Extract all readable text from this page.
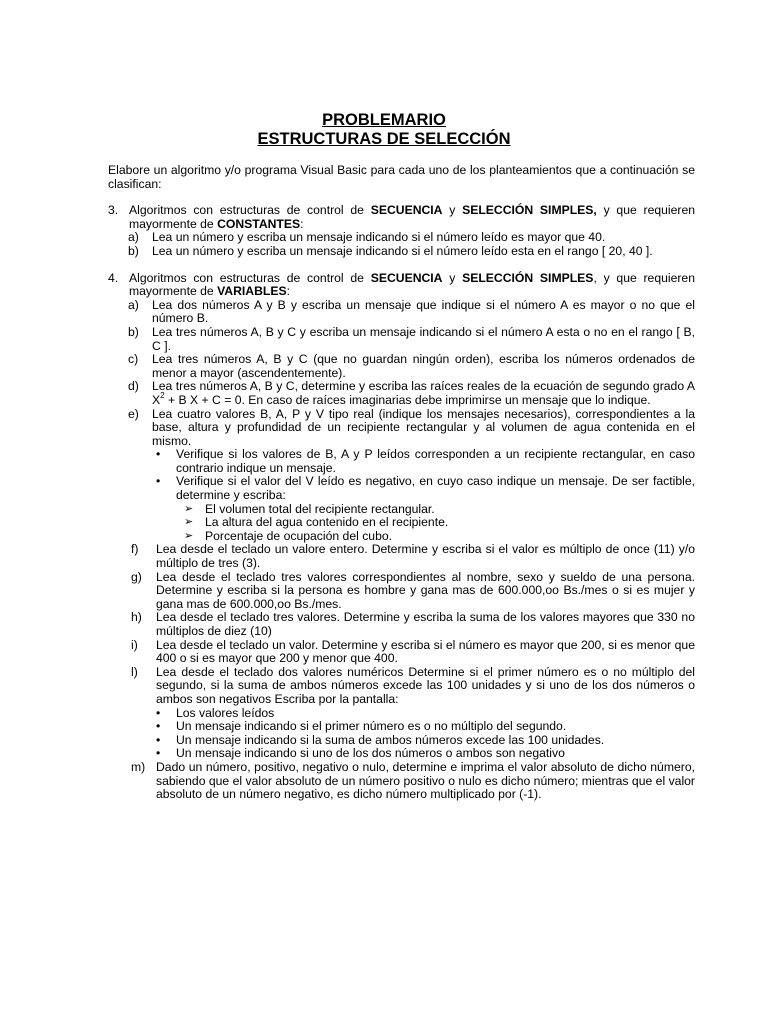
PROBLEMARIO
ESTRUCTURAS DE SELECCIÓN

Elabore un algoritmo y/o programa Visual Basic para cada uno de los planteamientos que a continuación se clasifican:

3. Algoritmos con estructuras de control de SECUENCIA y SELECCIÓN SIMPLES, y que requieren mayormente de CONSTANTES:
a) Lea un número y escriba un mensaje indicando si el número leído es mayor que 40.
b) Lea un número y escriba un mensaje indicando si el número leído esta en el rango [ 20, 40 ].
4. Algoritmos con estructuras de control de SECUENCIA y SELECCIÓN SIMPLES, y que requieren mayormente de VARIABLES:
a) Lea dos números A y B y escriba un mensaje que indique si el número A es mayor o no que el número B.
b) Lea tres números A, B y C y escriba un mensaje indicando si el número A esta o no en el rango [ B, C ].
c) Lea tres números A, B y C (que no guardan ningún orden), escriba los números ordenados de menor a mayor (ascendentemente).
d) Lea tres números A, B y C, determine y escriba las raíces reales de la ecuación de segundo grado A $X^2 + B$ X + C = 0. En caso de raíces imaginarias debe imprimirse un mensaje que lo indique.
e) Lea cuatro valores B, A, P y V tipo real (indique los mensajes necesarios), correspondientes a la base, altura y profundidad de un recipiente rectangular y al volumen de agua contenida en el mismo.
• Verifique si los valores de B, A y P leídos corresponden a un recipiente rectangular, en caso contrario indique un mensaje.
• Verifique si el valor del V leído es negativo, en cuyo caso indique un mensaje. De ser factible, determine y escriba:
➢ El volumen total del recipiente rectangular.
➢ La altura del agua contenido en el recipiente.
➢ Porcentaje de ocupación del cubo.
f) Lea desde el teclado un valore entero. Determine y escriba si el valor es múltiplo de once (11) y/o múltiplo de tres (3).
g) Lea desde el teclado tres valores correspondientes al nombre, sexo y sueldo de una persona. Determine y escriba si la persona es hombre y gana mas de 600.000,oo Bs./mes o si es mujer y gana mas de 600.000,oo Bs./mes.
h) Lea desde el teclado tres valores. Determine y escriba la suma de los valores mayores que 330 no múltiplos de diez (10)
i) Lea desde el teclado un valor. Determine y escriba si el número es mayor que 200, si es menor que 400 o si es mayor que 200 y menor que 400.
l) Lea desde el teclado dos valores numéricos Determine si el primer número es o no múltiplo del segundo, si la suma de ambos números excede las 100 unidades y si uno de los dos números o ambos son negativos Escriba por la pantalla:
• Los valores leídos
• Un mensaje indicando si el primer número es o no múltiplo del segundo.
• Un mensaje indicando si la suma de ambos números excede las 100 unidades.
• Un mensaje indicando si uno de los dos números o ambos son negativo
m) Dado un número, positivo, negativo o nulo, determine e imprima el valor absoluto de dicho número, sabiendo que el valor absoluto de un número positivo o nulo es dicho número; mientras que el valor absoluto de un número negativo, es dicho número multiplicado por (-1).
